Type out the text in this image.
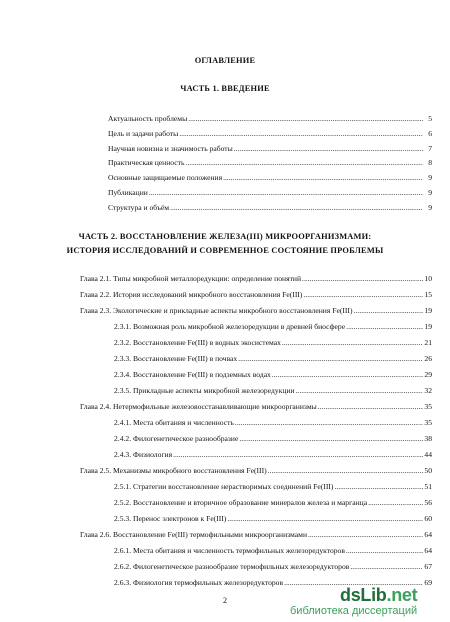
ОГЛАВЛЕНИЕ
ЧАСТЬ 1. ВВЕДЕНИЕ
Актуальность проблемы .....	5
Цель и задачи работы .....	6
Научная новизна и значимость работы .....	7
Практическая ценность .....	8
Основные защищаемые положения .....	9
Публикации .....	9
Структура и объём .....	9
ЧАСТЬ 2. ВОССТАНОВЛЕНИЕ ЖЕЛЕЗА(III) МИКРООРГАНИЗМАМИ:
ИСТОРИЯ ИССЛЕДОВАНИЙ И СОВРЕМЕННОЕ СОСТОЯНИЕ ПРОБЛЕМЫ
Глава 2.1. Типы микробной металлоредукции: определение понятий .....	10
Глава 2.2. История исследований микробного восстановления Fe(III) .....	15
Глава 2.3. Экологические и прикладные аспекты микробного восстановления Fe(III) .....	19
2.3.1. Возможная роль микробной железоредукции в древней биосфере .....	19
2.3.2. Восстановление Fe(III) в водных экосистемах .....	21
2.3.3. Восстановление Fe(III) в почвах .....	26
2.3.4. Восстановление Fe(III) в подземных водах .....	29
2.3.5. Прикладные аспекты микробной железоредукции .....	32
Глава 2.4. Нетермофильные железовосстанавливающие микроорганизмы .....	35
2.4.1. Места обитания и численность .....	35
2.4.2. Филогенетическое разнообразие .....	38
2.4.3. Физиология .....	44
Глава 2.5. Механизмы микробного восстановления Fe(III) .....	50
2.5.1. Стратегии восстановление нерастворимых соединений Fe(III) .....	51
2.5.2. Восстановление и вторичное образование минералов железа и марганца .....	56
2.5.3. Перенос электронов к Fe(III) .....	60
Глава 2.6. Восстановление Fe(III) термофильными микроорганизмами .....	64
2.6.1. Места обитания и численность термофильных железоредукторов .....	64
2.6.2. Филогенетическое разнообразие термофильных железоредукторов .....	67
2.6.3. Физиология термофильных железоредукторов .....	69
2	dsLib.net
библиотека диссертаций
